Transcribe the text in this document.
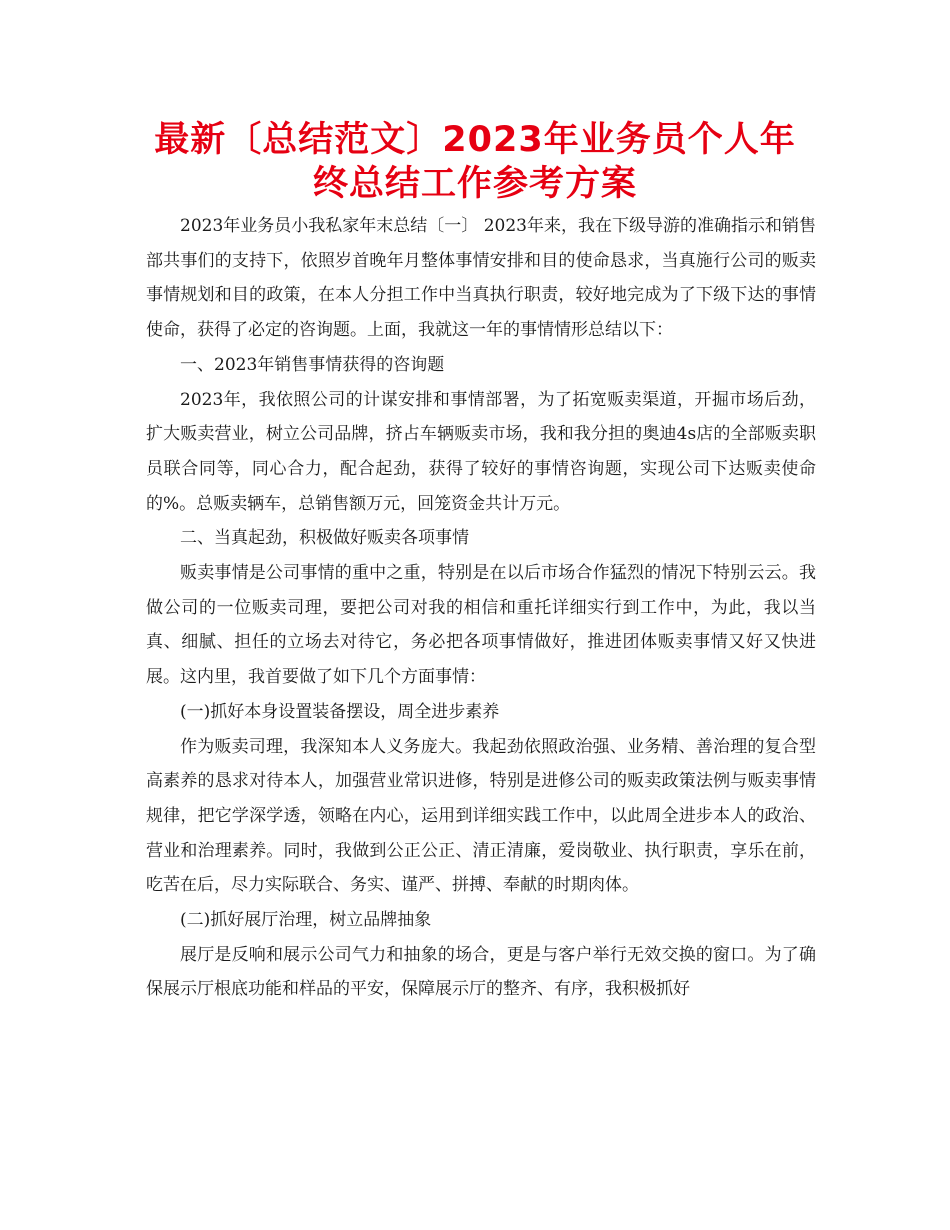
最新〔总结范文〕2023年业务员个人年
终总结工作参考方案

2023年业务员小我私家年末总结〔一〕 2023年来，我在下级导游的准确指示和销售部共事们的支持下，依照岁首晚年月整体事情安排和目的使命恳求，当真施行公司的贩卖事情规划和目的政策，在本人分担工作中当真执行职责，较好地完成为了下级下达的事情使命，获得了必定的咨询题。上面，我就这一年的事情情形总结以下：

一、2023年销售事情获得的咨询题

2023年，我依照公司的计谋安排和事情部署，为了拓宽贩卖渠道，开掘市场后劲，扩大贩卖营业，树立公司品牌，挤占车辆贩卖市场，我和我分担的奥迪4s店的全部贩卖职员联合同等，同心合力，配合起劲，获得了较好的事情咨询题，实现公司下达贩卖使命的%。总贩卖辆车，总销售额万元，回笼资金共计万元。

二、当真起劲，积极做好贩卖各项事情

贩卖事情是公司事情的重中之重，特别是在以后市场合作猛烈的情况下特别云云。我做公司的一位贩卖司理，要把公司对我的相信和重托详细实行到工作中，为此，我以当真、细腻、担任的立场去对待它，务必把各项事情做好，推进团体贩卖事情又好又快进展。这内里，我首要做了如下几个方面事情：

(一)抓好本身设置装备摆设，周全进步素养

作为贩卖司理，我深知本人义务庞大。我起劲依照政治强、业务精、善治理的复合型高素养的恳求对待本人，加强营业常识进修，特别是进修公司的贩卖政策法例与贩卖事情规律，把它学深学透，领略在内心，运用到详细实践工作中，以此周全进步本人的政治、营业和治理素养。同时，我做到公正公正、清正清廉，爱岗敬业、执行职责，享乐在前，吃苦在后，尽力实际联合、务实、谨严、拼搏、奉献的时期肉体。

(二)抓好展厅治理，树立品牌抽象

展厅是反响和展示公司气力和抽象的场合，更是与客户举行无效交换的窗口。为了确保展示厅根底功能和样品的平安，保障展示厅的整齐、有序，我积极抓好
